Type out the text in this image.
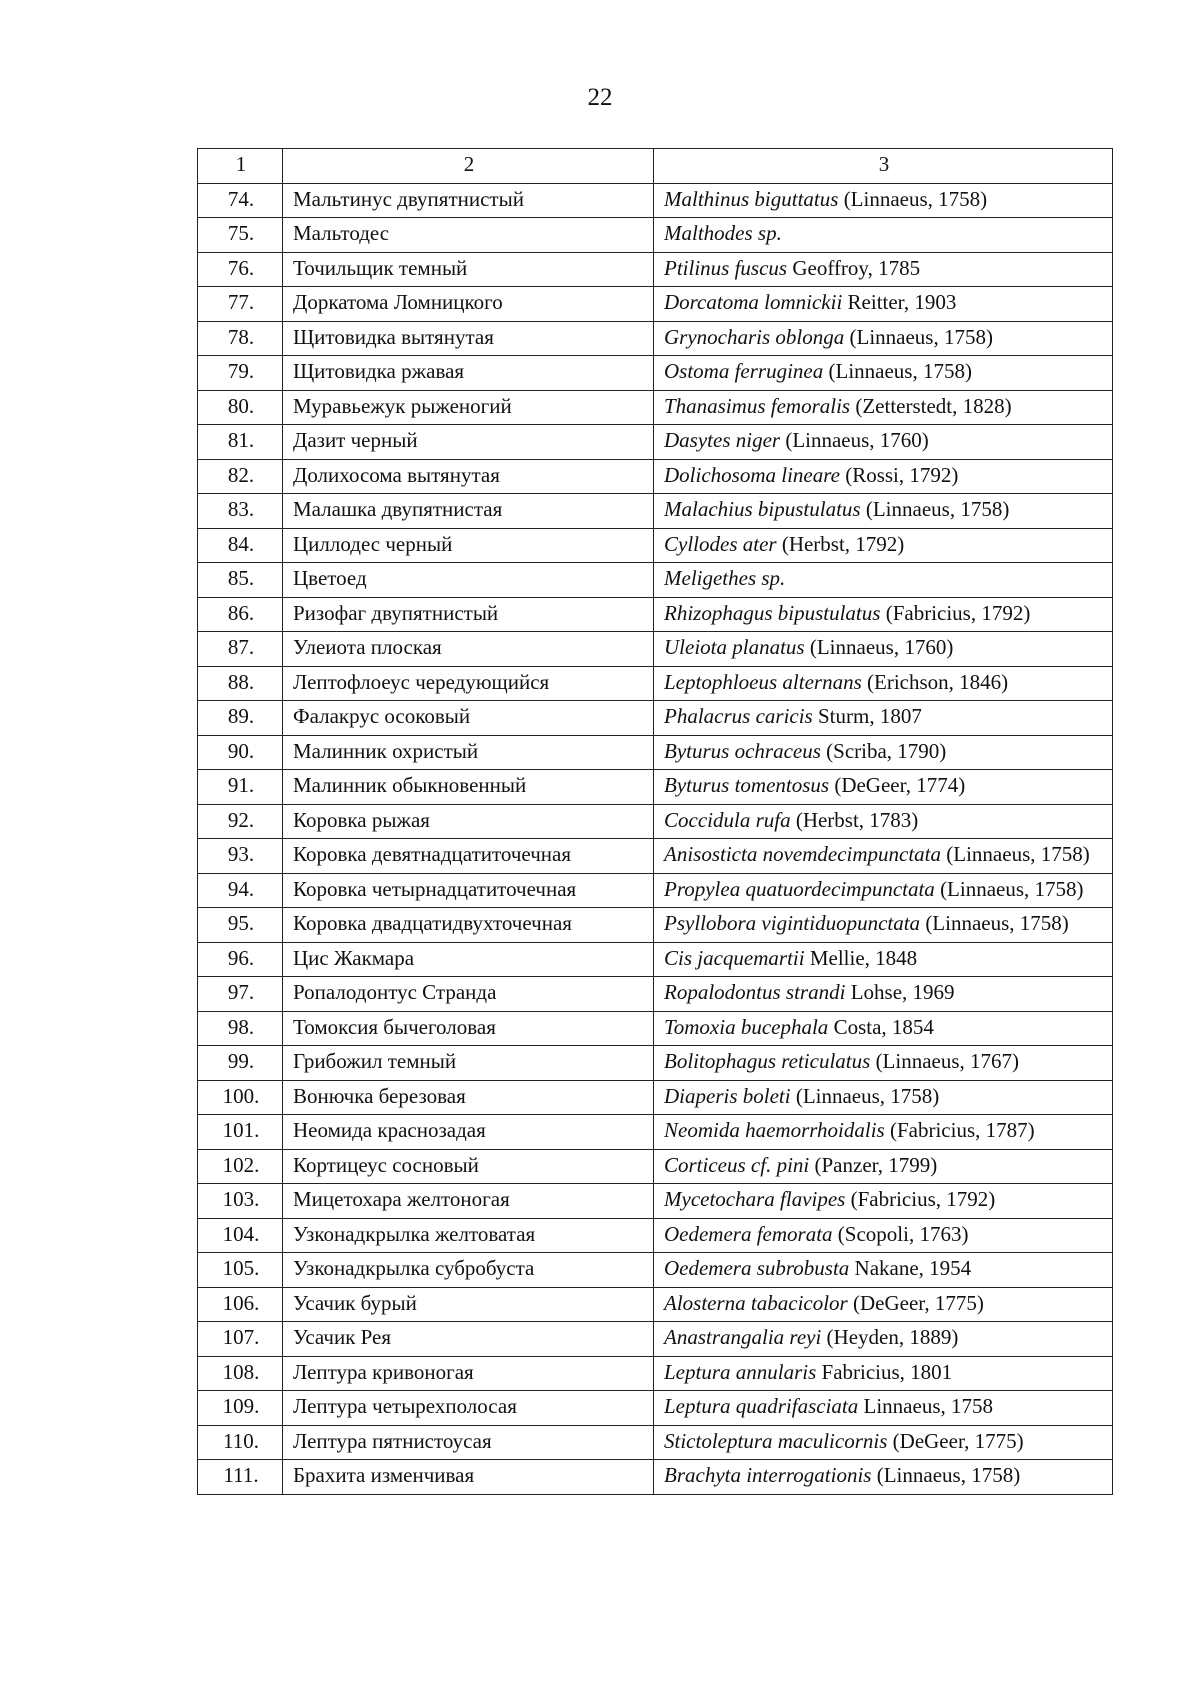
22
1	2	3
74.	Мальтинус двупятнистый	Malthinus biguttatus (Linnaeus, 1758)
75.	Мальтодес	Malthodes sp.
76.	Точильщик темный	Ptilinus fuscus Geoffroy, 1785
77.	Доркатома Ломницкого	Dorcatoma lomnickii Reitter, 1903
78.	Щитовидка вытянутая	Grynocharis oblonga (Linnaeus, 1758)
79.	Щитовидка ржавая	Ostoma ferruginea (Linnaeus, 1758)
80.	Муравьежук рыженогий	Thanasimus femoralis (Zetterstedt, 1828)
81.	Дазит черный	Dasytes niger (Linnaeus, 1760)
82.	Долихосома вытянутая	Dolichosoma lineare (Rossi, 1792)
83.	Малашка двупятнистая	Malachius bipustulatus (Linnaeus, 1758)
84.	Циллодес черный	Cyllodes ater (Herbst, 1792)
85.	Цветоед	Meligethes sp.
86.	Ризофаг двупятнистый	Rhizophagus bipustulatus (Fabricius, 1792)
87.	Улеиота плоская	Uleiota planatus (Linnaeus, 1760)
88.	Лептофлоеус чередующийся	Leptophloeus alternans (Erichson, 1846)
89.	Фалакрус осоковый	Phalacrus caricis Sturm, 1807
90.	Малинник охристый	Byturus ochraceus (Scriba, 1790)
91.	Малинник обыкновенный	Byturus tomentosus (DeGeer, 1774)
92.	Коровка рыжая	Coccidula rufa (Herbst, 1783)
93.	Коровка девятнадцатиточечная	Anisosticta novemdecimpunctata (Linnaeus, 1758)
94.	Коровка четырнадцатиточечная	Propylea quatuordecimpunctata (Linnaeus, 1758)
95.	Коровка двадцатидвухточечная	Psyllobora vigintiduopunctata (Linnaeus, 1758)
96.	Цис Жакмара	Cis jacquemartii Mellie, 1848
97.	Ропалодонтус Странда	Ropalodontus strandi Lohse, 1969
98.	Томоксия бычеголовая	Tomoxia bucephala Costa, 1854
99.	Грибожил темный	Bolitophagus reticulatus (Linnaeus, 1767)
100.	Вонючка березовая	Diaperis boleti (Linnaeus, 1758)
101.	Неомида краснозадая	Neomida haemorrhoidalis (Fabricius, 1787)
102.	Кортицеус сосновый	Corticeus cf. pini (Panzer, 1799)
103.	Мицетохара желтоногая	Mycetochara flavipes (Fabricius, 1792)
104.	Узконадкрылка желтоватая	Oedemera femorata (Scopoli, 1763)
105.	Узконадкрылка субробуста	Oedemera subrobusta Nakane, 1954
106.	Усачик бурый	Alosterna tabacicolor (DeGeer, 1775)
107.	Усачик Рея	Anastrangalia reyi (Heyden, 1889)
108.	Лептура кривоногая	Leptura annularis Fabricius, 1801
109.	Лептура четырехполосая	Leptura quadrifasciata Linnaeus, 1758
110.	Лептура пятнистоусая	Stictoleptura maculicornis (DeGeer, 1775)
111.	Брахита изменчивая	Brachyta interrogationis (Linnaeus, 1758)
